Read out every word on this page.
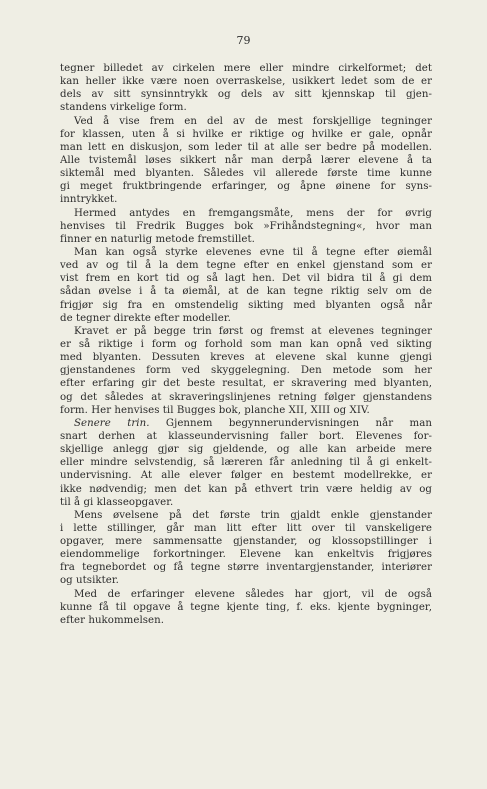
79
tegner billedet av cirkelen mere eller mindre cirkelformet; det
kan heller ikke være noen overraskelse, usikkert ledet som de er
dels av sitt synsinntrykk og dels av sitt kjennskap til gjen-
standens virkelige form.
Ved å vise frem en del av de mest forskjellige tegninger
for klassen, uten å si hvilke er riktige og hvilke er gale, opnår
man lett en diskusjon, som leder til at alle ser bedre på modellen.
Alle tvistemål løses sikkert når man derpå lærer elevene å ta
siktemål med blyanten. Således vil allerede første time kunne
gi meget fruktbringende erfaringer, og åpne øinene for syns-
inntrykket.
Hermed antydes en fremgangsmåte, mens der for øvrig
henvises til Fredrik Bugges bok »Frihåndstegning«, hvor man
finner en naturlig metode fremstillet.
Man kan også styrke elevenes evne til å tegne efter øiemål
ved av og til å la dem tegne efter en enkel gjenstand som er
vist frem en kort tid og så lagt hen. Det vil bidra til å gi dem
sådan øvelse i å ta øiemål, at de kan tegne riktig selv om de
frigjør sig fra en omstendelig sikting med blyanten også når
de tegner direkte efter modeller.
Kravet er på begge trin først og fremst at elevenes tegninger
er så riktige i form og forhold som man kan opnå ved sikting
med blyanten. Dessuten kreves at elevene skal kunne gjengi
gjenstandenes form ved skyggelegning. Den metode som her
efter erfaring gir det beste resultat, er skravering med blyanten,
og det således at skraveringslinjenes retning følger gjenstandens
form. Her henvises til Bugges bok, planche XII, XIII og XIV.
Senere trin. Gjennem begynnerundervisningen når man
snart derhen at klasseundervisning faller bort. Elevenes for-
skjellige anlegg gjør sig gjeldende, og alle kan arbeide mere
eller mindre selvstendig, så læreren får anledning til å gi enkelt-
undervisning. At alle elever følger en bestemt modellrekke, er
ikke nødvendig; men det kan på ethvert trin være heldig av og
til å gi klasseopgaver.
Mens øvelsene på det første trin gjaldt enkle gjenstander
i lette stillinger, går man litt efter litt over til vanskeligere
opgaver, mere sammensatte gjenstander, og klossopstillinger i
eiendommelige forkortninger. Elevene kan enkeltvis frigjøres
fra tegnebordet og få tegne større inventargjenstander, interiører
og utsikter.
Med de erfaringer elevene således har gjort, vil de også
kunne få til opgave å tegne kjente ting, f. eks. kjente bygninger,
efter hukommelsen.
